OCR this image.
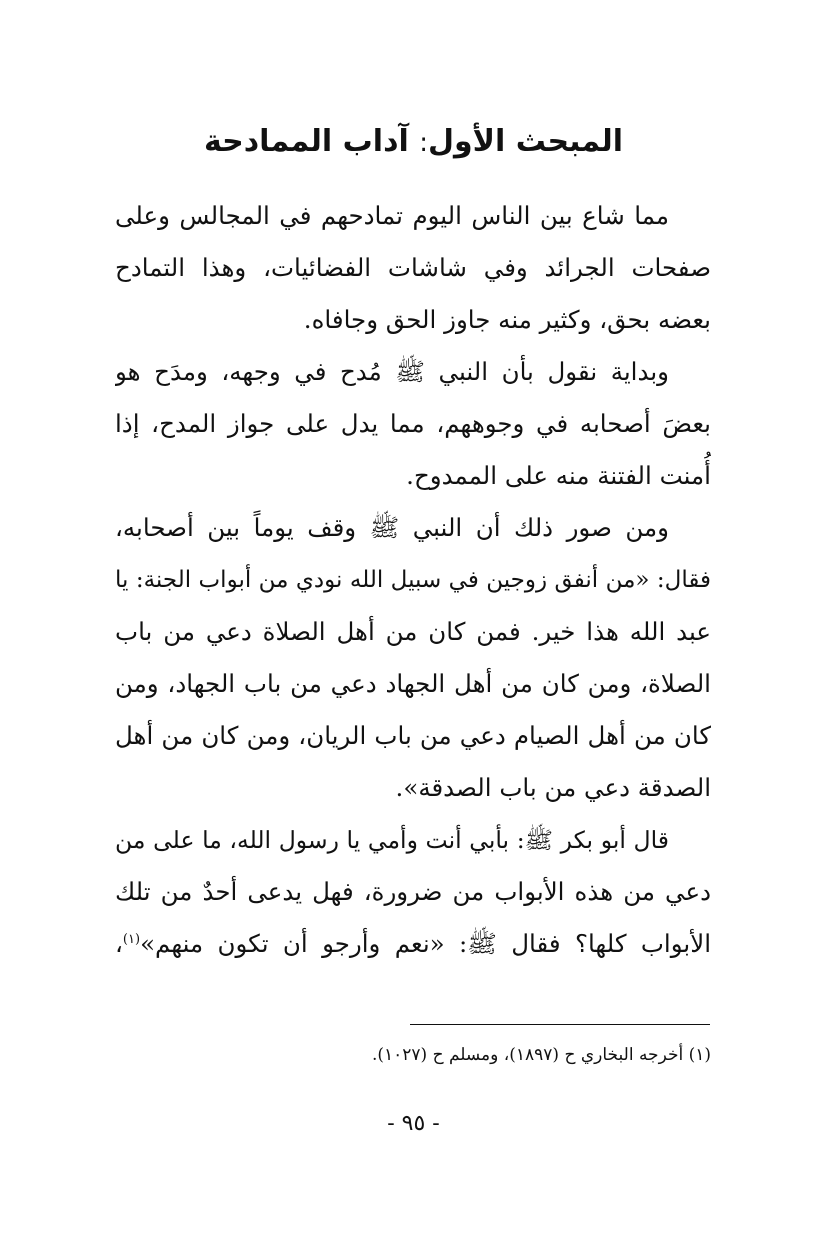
المبحث الأول: آداب الممادحة
مما شاع بين الناس اليوم تمادحهم في المجالس وعلى
صفحات الجرائد وفي شاشات الفضائيات، وهذا التمادح
بعضه بحق، وكثير منه جاوز الحق وجافاه.
وبداية نقول بأن النبي ﷺ مُدح في وجهه، ومدَح هو
بعضَ أصحابه في وجوههم، مما يدل على جواز المدح، إذا
أُمنت الفتنة منه على الممدوح.
ومن صور ذلك أن النبي ﷺ وقف يوماً بين أصحابه،
فقال: «من أنفق زوجين في سبيل الله نودي من أبواب الجنة: يا
عبد الله هذا خير. فمن كان من أهل الصلاة دعي من باب
الصلاة، ومن كان من أهل الجهاد دعي من باب الجهاد، ومن
كان من أهل الصيام دعي من باب الريان، ومن كان من أهل
الصدقة دعي من باب الصدقة».
قال أبو بكر ﷺ: بأبي أنت وأمي يا رسول الله، ما على من
دعي من هذه الأبواب من ضرورة، فهل يدعى أحدٌ من تلك
الأبواب كلها؟ فقال ﷺ: «نعم وأرجو أن تكون منهم»$^{(١)}$،
(١) أخرجه البخاري ح (١٨٩٧)، ومسلم ح (١٠٢٧).
- ٩٥ -
